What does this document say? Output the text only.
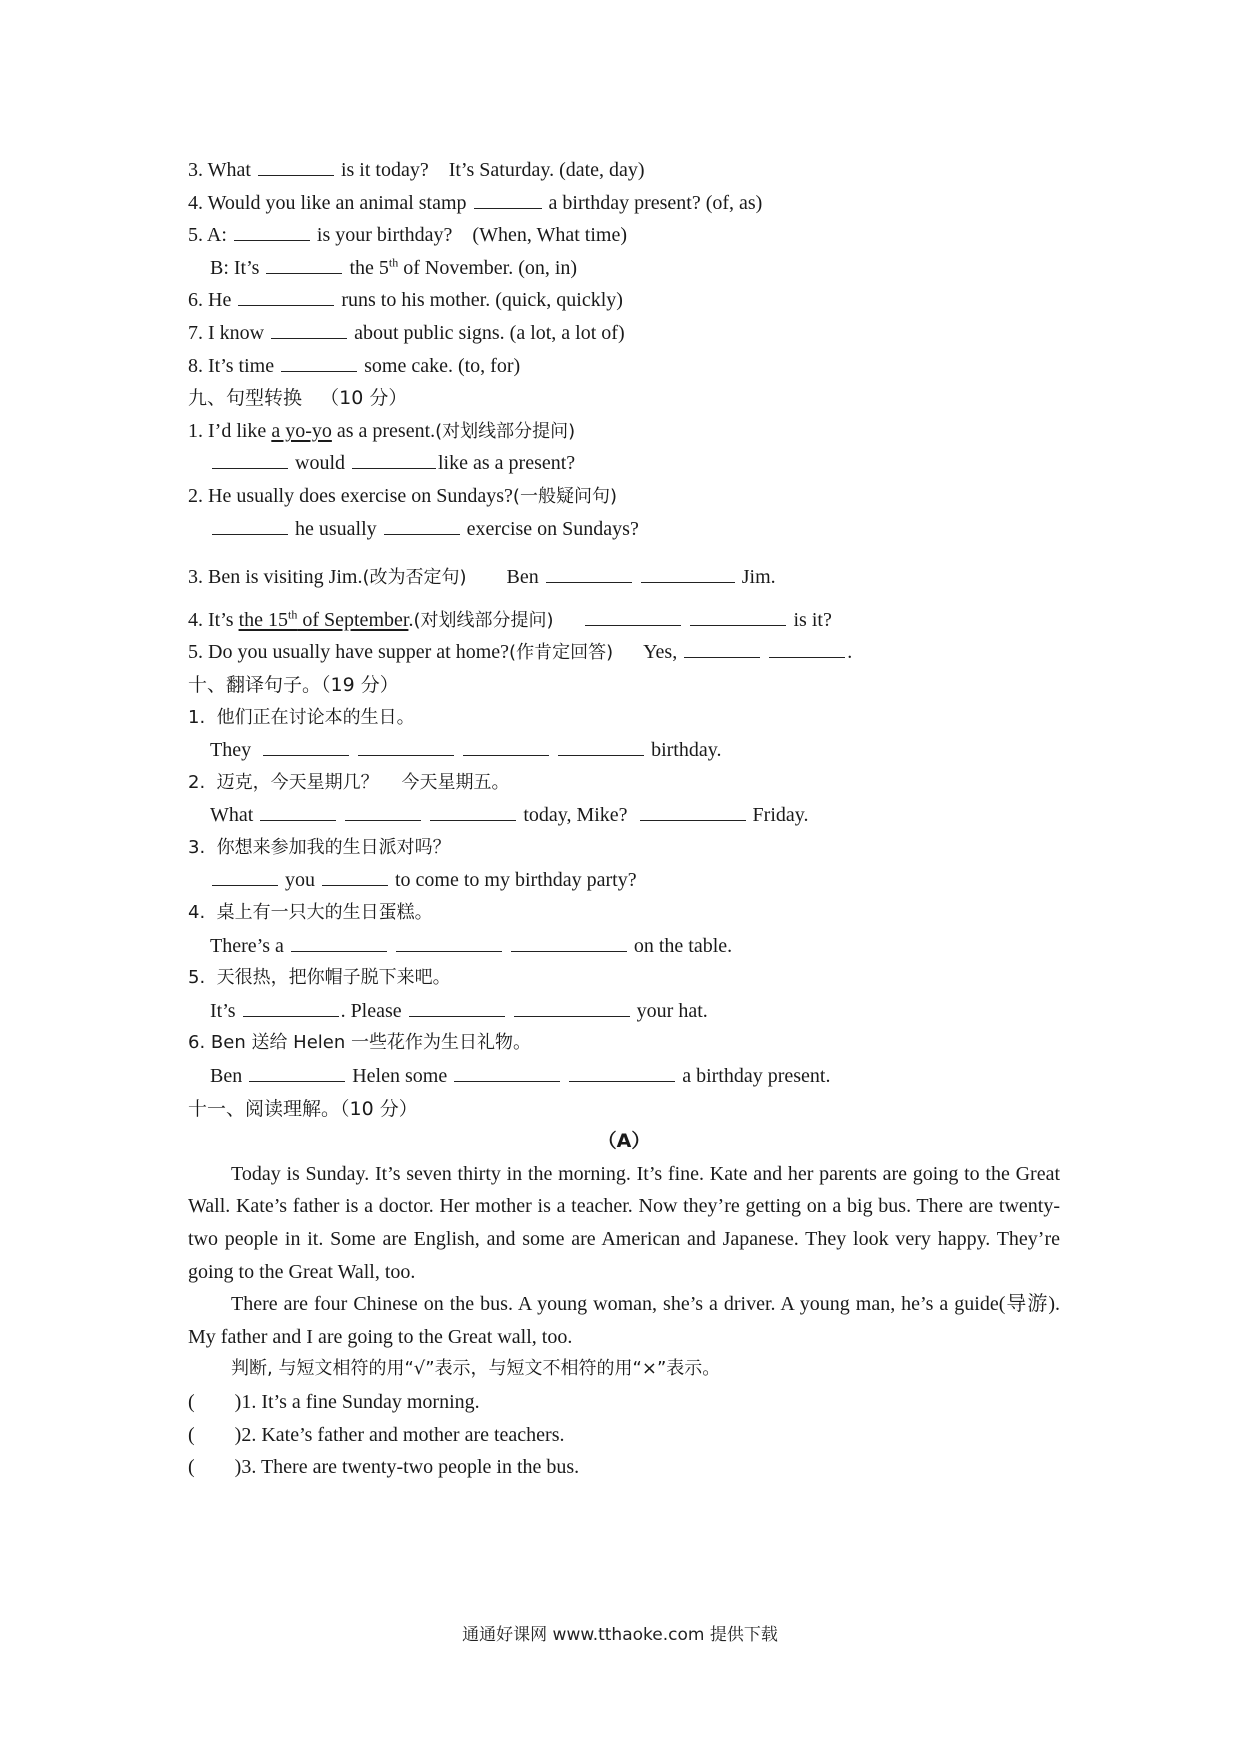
3. What	is it today?    It’s Saturday. (date, day)
4. Would you like an animal stamp	a birthday present? (of, as)
5. A:	is your birthday?    (When, What time)
B: It’s	the 5th of November. (on, in)
6. He	runs to his mother. (quick, quickly)
7. I know	about public signs. (a lot, a lot of)
8. It’s time	some cake. (to, for)
九、句型转换   （10 分）
1. I’d like a yo-yo as a present.(对划线部分提问)
would	like as a present?
2. He usually does exercise on Sundays?(一般疑问句)
he usually	exercise on Sundays?
3. Ben is visiting Jim.(改为否定句) Ben	Jim.
4. It’s the 15th of September.(对划线部分提问)	is it?
5. Do you usually have supper at home?(作肯定回答) Yes,	.
十、翻译句子。（19 分）
1.  他们正在讨论本的生日。
They	birthday.
2.  迈克，今天星期几？    今天星期五。
What	today, Mike?	Friday.
3.  你想来参加我的生日派对吗？
you	to come to my birthday party?
4.  桌上有一只大的生日蛋糕。
There’s a	on the table.
5.  天很热，把你帽子脱下来吧。
It’s	. Please	your hat.
6. Ben 送给 Helen 一些花作为生日礼物。
Ben	Helen some	a birthday present.
十一、阅读理解。（10 分）
（A）

Today is Sunday. It’s seven thirty in the morning. It’s fine. Kate and her parents are going to the Great Wall. Kate’s father is a doctor. Her mother is a teacher. Now they’re getting on a big bus. There are twenty-two people in it. Some are English, and some are American and Japanese. They look very happy. They’re going to the Great Wall, too.

There are four Chinese on the bus. A young woman, she’s a driver. A young man, he’s a guide(导游). My father and I are going to the Great wall, too.

判断, 与短文相符的用“√”表示，与短文不相符的用“×”表示。
(        )1. It’s a fine Sunday morning.
(        )2. Kate’s father and mother are teachers.
(        )3. There are twenty-two people in the bus.
通通好课网 www.tthaoke.com 提供下载
